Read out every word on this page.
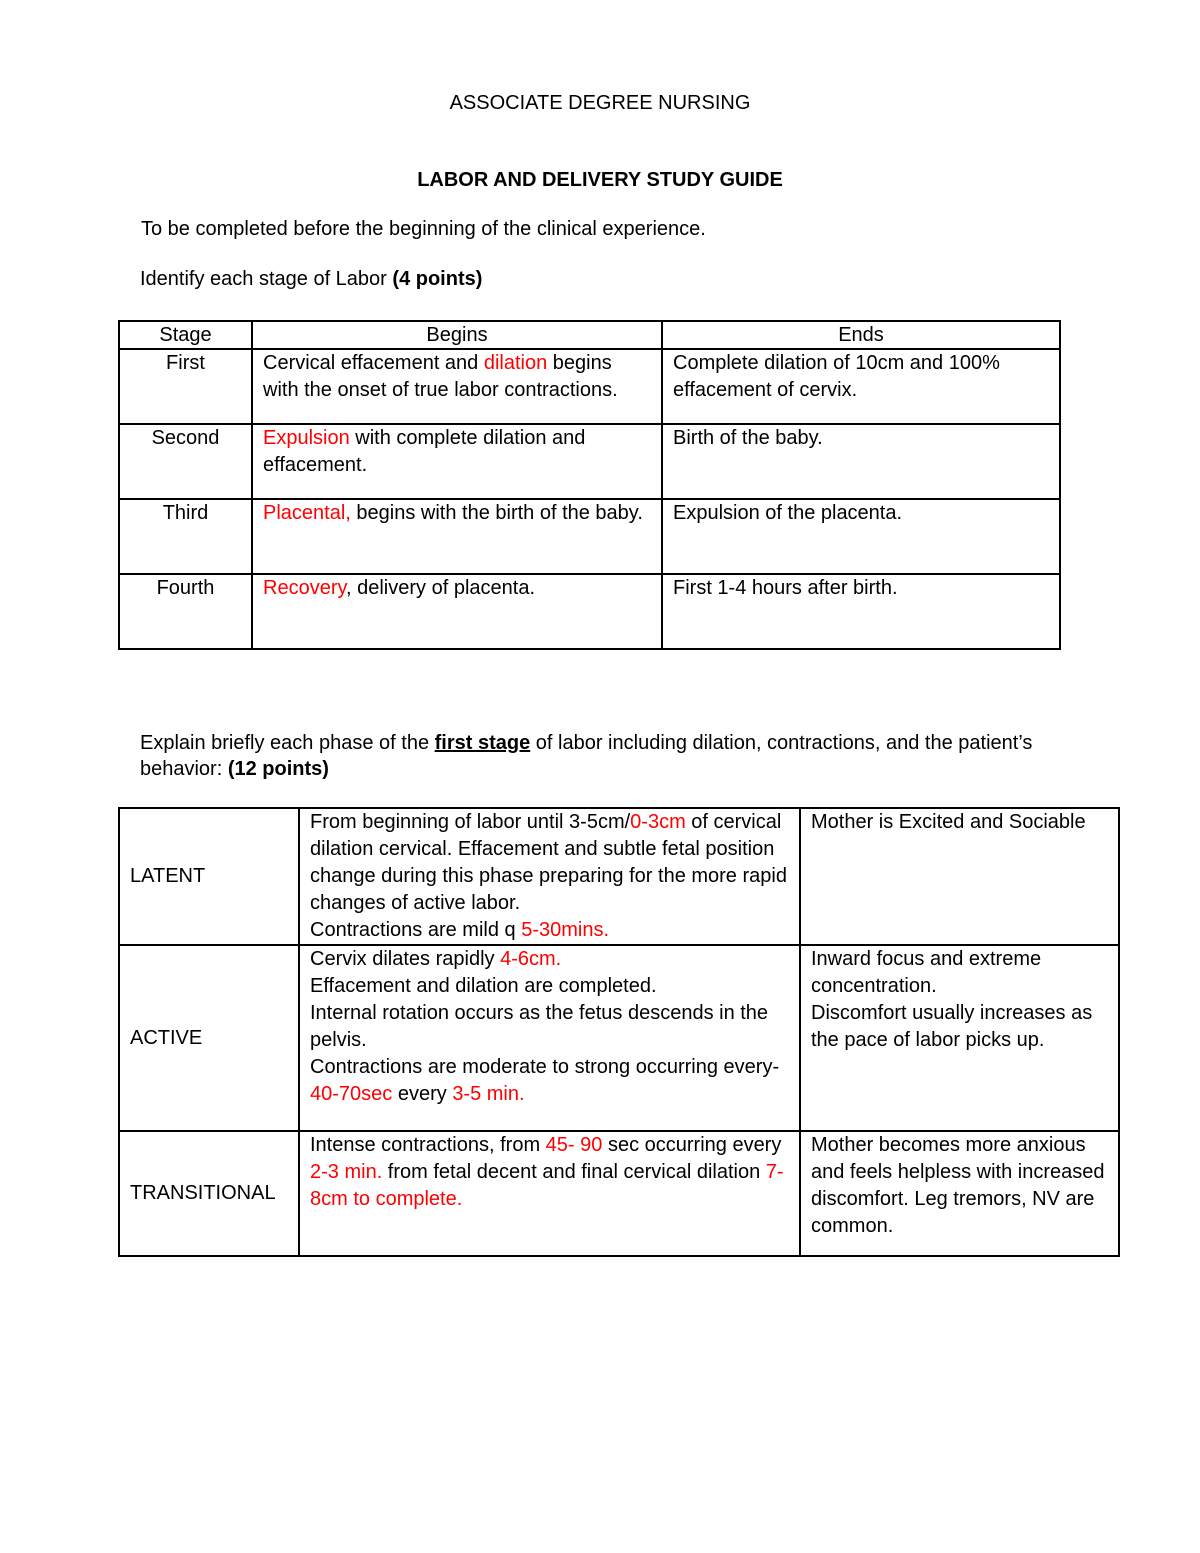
ASSOCIATE DEGREE NURSING
LABOR AND DELIVERY STUDY GUIDE
To be completed before the beginning of the clinical experience.
Identify each stage of Labor (4 points)
Stage	Begins	Ends
First	Cervical effacement and dilation begins with the onset of true labor contractions.	Complete dilation of 10cm and 100% effacement of cervix.
Second	Expulsion with complete dilation and effacement.	Birth of the baby.
Third	Placental, begins with the birth of the baby.	Expulsion of the placenta.
Fourth	Recovery, delivery of placenta.	First 1-4 hours after birth.
Explain briefly each phase of the first stage of labor including dilation, contractions, and the patient’s behavior: (12 points)
LATENT	From beginning of labor until 3-5cm/0-3cm of cervical dilation cervical. Effacement and subtle fetal position change during this phase preparing for the more rapid changes of active labor.
Contractions are mild q 5-30mins.	Mother is Excited and Sociable
ACTIVE	Cervix dilates rapidly 4-6cm.
Effacement and dilation are completed.
Internal rotation occurs as the fetus descends in the pelvis.
Contractions are moderate to strong occurring every-40-70sec every 3-5 min.	Inward focus and extreme concentration.
Discomfort usually increases as the pace of labor picks up.
TRANSITIONAL	Intense contractions, from 45- 90 sec occurring every 2-3 min. from fetal decent and final cervical dilation 7-8cm to complete.	Mother becomes more anxious and feels helpless with increased discomfort. Leg tremors, NV are common.
